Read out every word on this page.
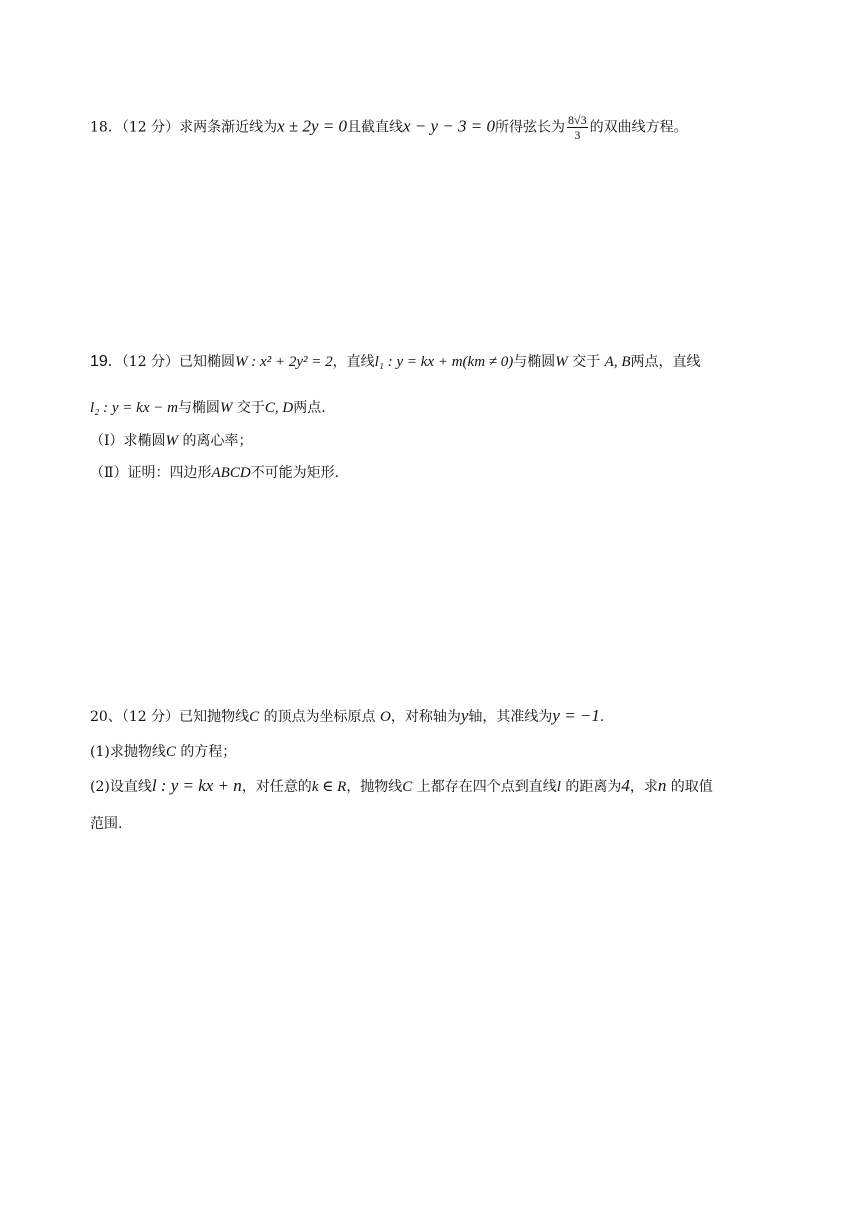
18．（12 分）求两条渐近线为x ± 2y = 0且截直线x − y − 3 = 0所得弦长为 $\frac{8√3}{3}$ 的双曲线方程。
19．（12 分）已知椭圆W : x² + 2y² = 2，直线l₁ : y = kx + m(km ≠ 0)与椭圆W 交于 A, B两点，直线
l₂ : y = kx − m与椭圆W 交于C, D两点.
（Ⅰ）求椭圆W 的离心率；
（Ⅱ）证明：四边形ABCD不可能为矩形.
20、（12 分）已知抛物线C 的顶点为坐标原点 O，对称轴为y轴，其准线为y = −1.
(1)求抛物线C 的方程；
(2)设直线l : y = kx + n，对任意的k ∈ R，抛物线C 上都存在四个点到直线l 的距离为4，求n 的取值
范围.
